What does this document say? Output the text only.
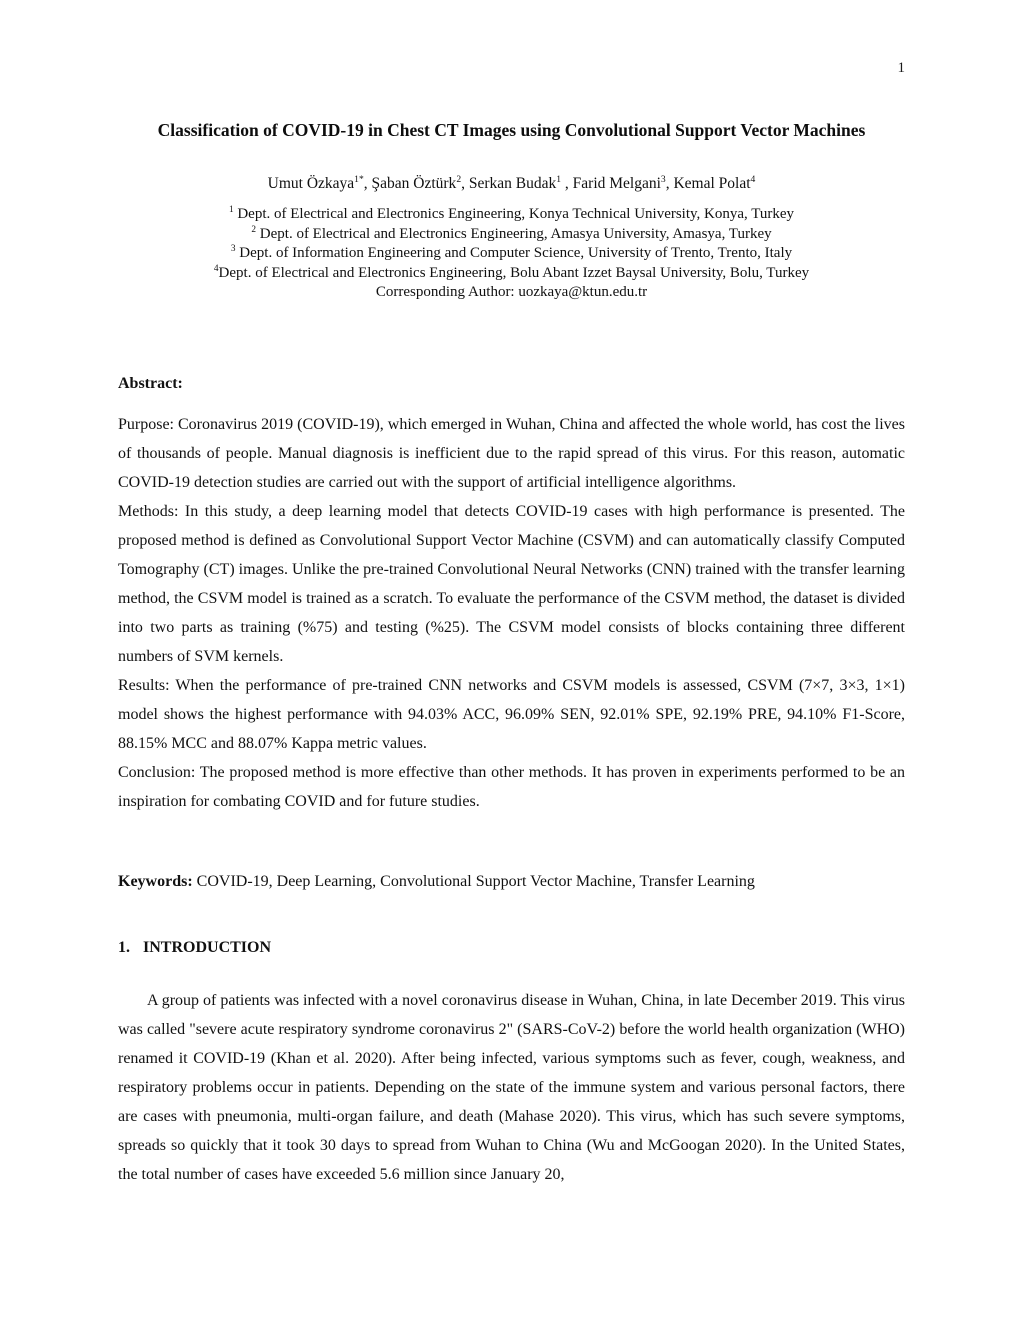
1
Classification of COVID-19 in Chest CT Images using Convolutional Support Vector Machines
Umut Özkaya$^{1*}$, Şaban Öztürk$^2$, Serkan Budak$^1$ , Farid Melgani$^3$, Kemal Polat$^4$
$^1$ Dept. of Electrical and Electronics Engineering, Konya Technical University, Konya, Turkey
$^2$ Dept. of Electrical and Electronics Engineering, Amasya University, Amasya, Turkey
$^3$ Dept. of Information Engineering and Computer Science, University of Trento, Trento, Italy
$^4$Dept. of Electrical and Electronics Engineering, Bolu Abant Izzet Baysal University, Bolu, Turkey
Corresponding Author: uozkaya@ktun.edu.tr
Abstract:

Purpose: Coronavirus 2019 (COVID-19), which emerged in Wuhan, China and affected the whole world, has cost the lives of thousands of people. Manual diagnosis is inefficient due to the rapid spread of this virus. For this reason, automatic COVID-19 detection studies are carried out with the support of artificial intelligence algorithms.

Methods: In this study, a deep learning model that detects COVID-19 cases with high performance is presented. The proposed method is defined as Convolutional Support Vector Machine (CSVM) and can automatically classify Computed Tomography (CT) images. Unlike the pre-trained Convolutional Neural Networks (CNN) trained with the transfer learning method, the CSVM model is trained as a scratch. To evaluate the performance of the CSVM method, the dataset is divided into two parts as training (%75) and testing (%25). The CSVM model consists of blocks containing three different numbers of SVM kernels.

Results: When the performance of pre-trained CNN networks and CSVM models is assessed, CSVM (7×7, 3×3, 1×1) model shows the highest performance with 94.03% ACC, 96.09% SEN, 92.01% SPE, 92.19% PRE, 94.10% F1-Score, 88.15% MCC and 88.07% Kappa metric values.

Conclusion: The proposed method is more effective than other methods. It has proven in experiments performed to be an inspiration for combating COVID and for future studies.

Keywords: COVID-19, Deep Learning, Convolutional Support Vector Machine, Transfer Learning

1. INTRODUCTION

A group of patients was infected with a novel coronavirus disease in Wuhan, China, in late December 2019. This virus was called "severe acute respiratory syndrome coronavirus 2" (SARS-CoV-2) before the world health organization (WHO) renamed it COVID-19 (Khan et al. 2020). After being infected, various symptoms such as fever, cough, weakness, and respiratory problems occur in patients. Depending on the state of the immune system and various personal factors, there are cases with pneumonia, multi-organ failure, and death (Mahase 2020). This virus, which has such severe symptoms, spreads so quickly that it took 30 days to spread from Wuhan to China (Wu and McGoogan 2020). In the United States, the total number of cases have exceeded 5.6 million since January 20,
